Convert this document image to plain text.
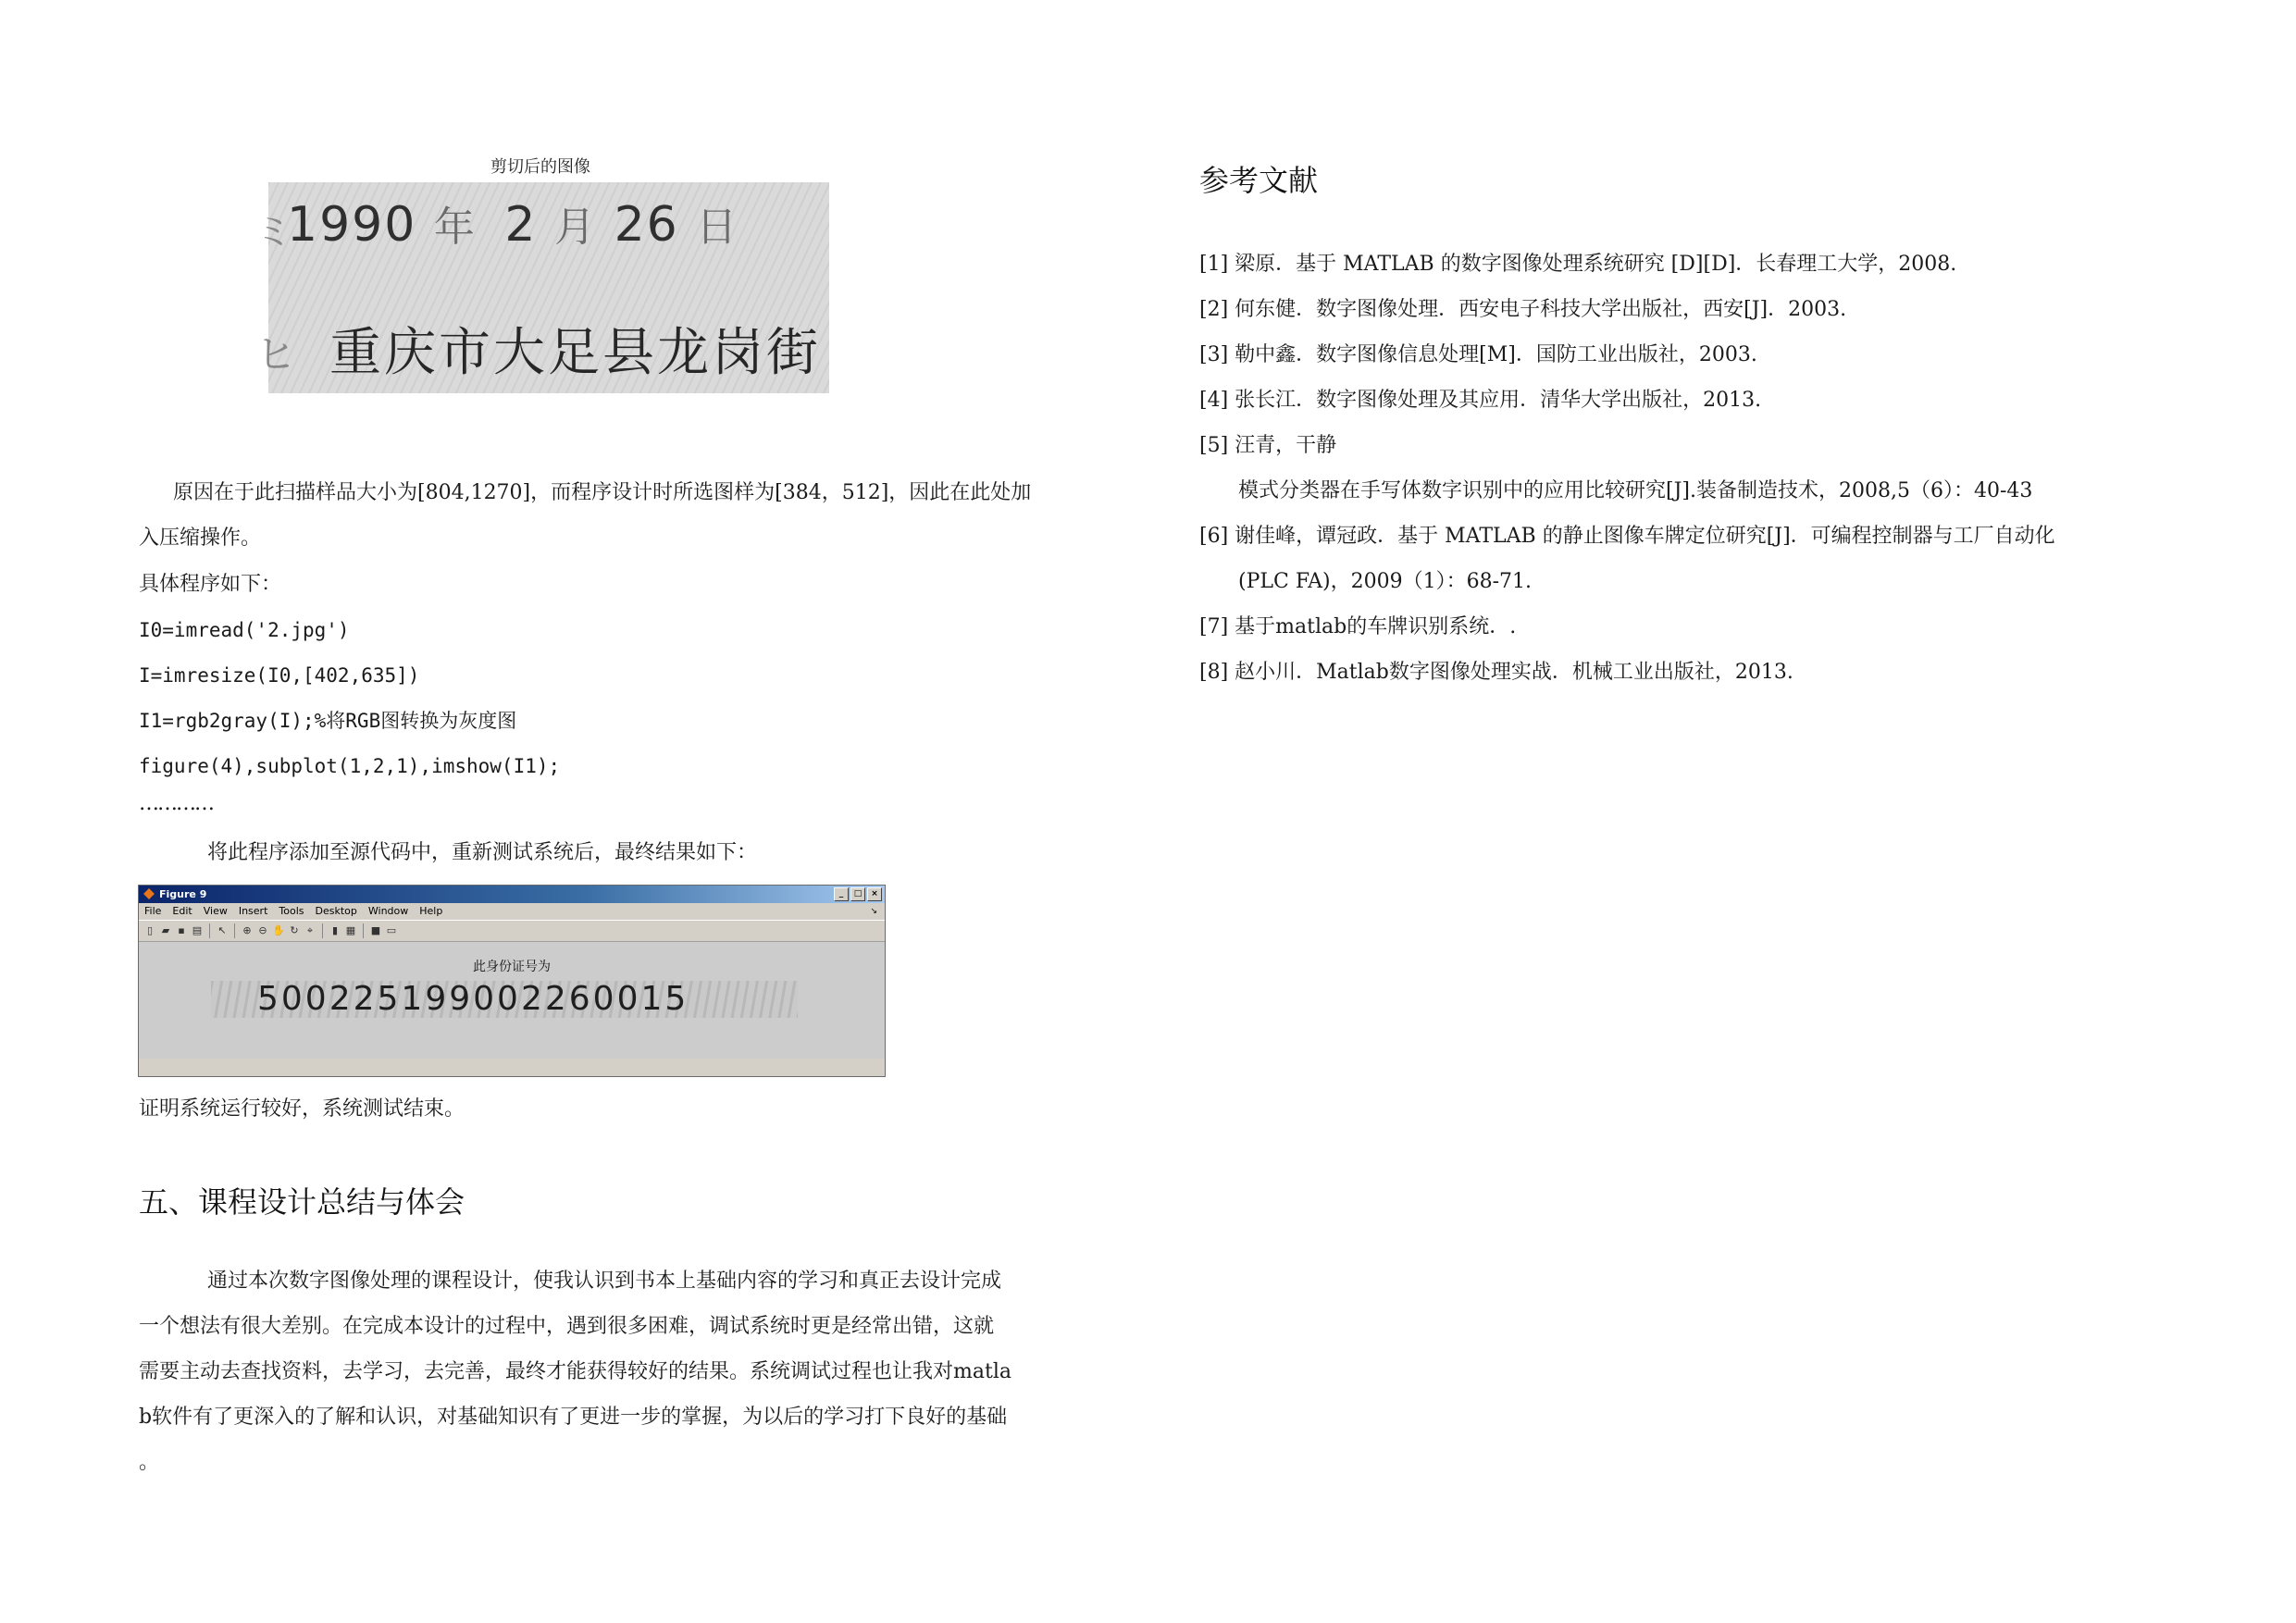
剪切后的图像
ミ
1990 年 2 月 26 日
ヒ 重庆市大足县龙岗街
原因在于此扫描样品大小为[804,1270]，而程序设计时所选图样为[384，512]，因此在此处加
入压缩操作。
具体程序如下：
I0=imread('2.jpg')
I=imresize(I0,[402,635])
I1=rgb2gray(I);%将RGB图转换为灰度图
figure(4),subplot(1,2,1),imshow(I1);
…………
将此程序添加至源代码中，重新测试系统后，最终结果如下：
Figure 9	_	□	×
File Edit View Insert Tools Desktop Window Help	↘
▯ ▰ ▪ ▤ ↖ ⊕ ⊖ ✋ ↻ ⌖	▮ ▦ ■ ▭
此身份证号为
500225199002260015
证明系统运行较好，系统测试结束。
五、课程设计总结与体会
通过本次数字图像处理的课程设计，使我认识到书本上基础内容的学习和真正去设计完成
一个想法有很大差别。在完成本设计的过程中，遇到很多困难，调试系统时更是经常出错，这就
需要主动去查找资料，去学习，去完善，最终才能获得较好的结果。系统调试过程也让我对matla
b软件有了更深入的了解和认识，对基础知识有了更进一步的掌握，为以后的学习打下良好的基础
。
参考文献
[1] 梁原．基于 MATLAB 的数字图像处理系统研究 [D][D]．长春理工大学，2008.
[2] 何东健．数字图像处理．西安电子科技大学出版社，西安[J]．2003.
[3] 勒中鑫．数字图像信息处理[M]．国防工业出版社，2003.
[4] 张长江．数字图像处理及其应用．清华大学出版社，2013.
[5] 汪青，干静
模式分类器在手写体数字识别中的应用比较研究[J].装备制造技术，2008,5（6）：40-43
[6] 谢佳峰，谭冠政．基于 MATLAB 的静止图像车牌定位研究[J]．可编程控制器与工厂自动化
(PLC FA)，2009（1）：68-71.
[7] 基于matlab的车牌识别系统．.
[8] 赵小川．Matlab数字图像处理实战．机械工业出版社，2013.
